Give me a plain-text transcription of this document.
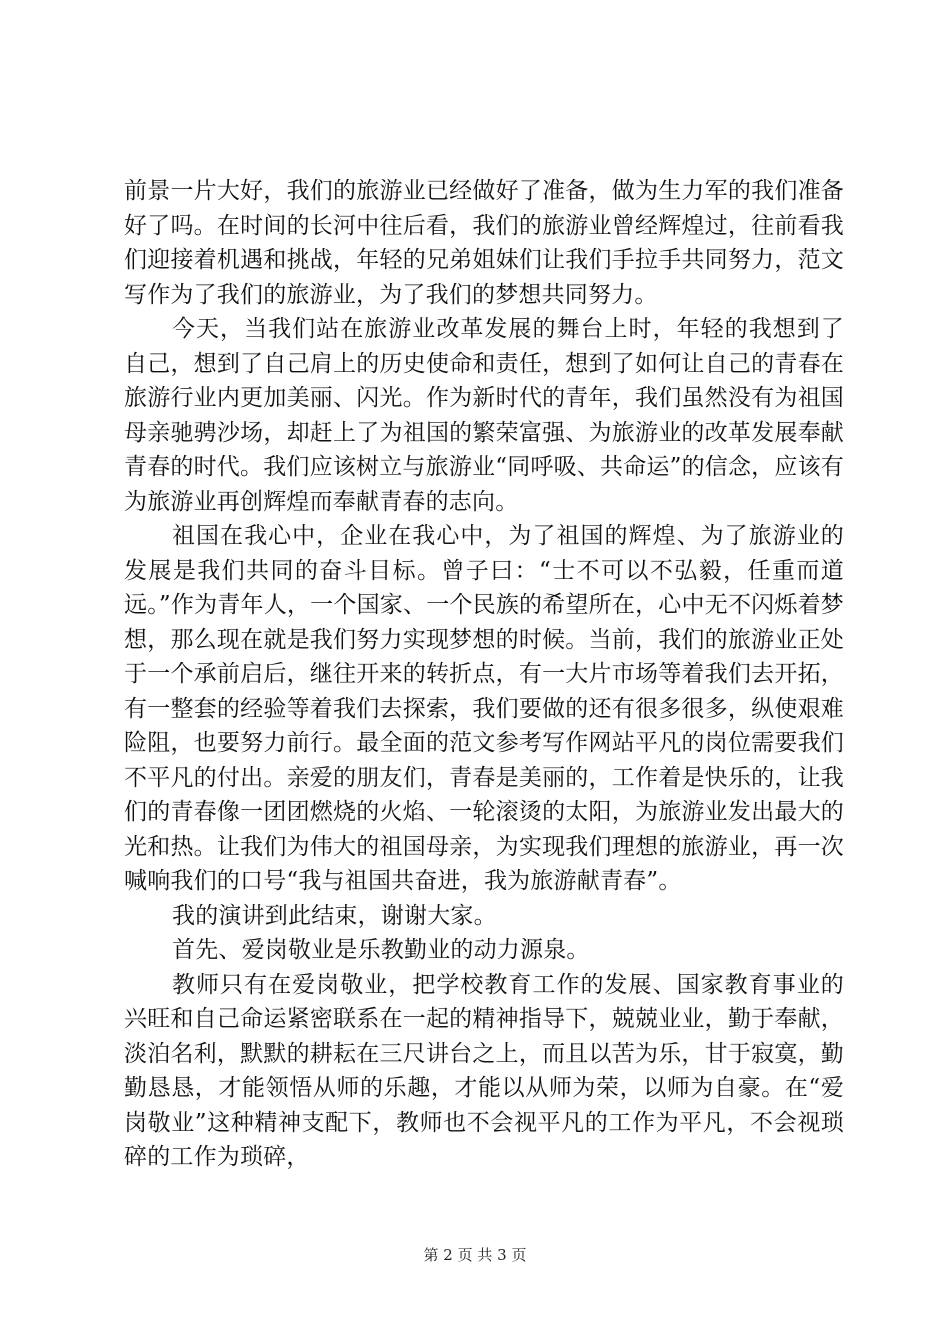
前景一片大好，我们的旅游业已经做好了准备，做为生力军的我们准备好了吗。在时间的长河中往后看，我们的旅游业曾经辉煌过，往前看我们迎接着机遇和挑战，年轻的兄弟姐妹们让我们手拉手共同努力，范文写作为了我们的旅游业，为了我们的梦想共同努力。

今天，当我们站在旅游业改革发展的舞台上时，年轻的我想到了自己，想到了自己肩上的历史使命和责任，想到了如何让自己的青春在旅游行业内更加美丽、闪光。作为新时代的青年，我们虽然没有为祖国母亲驰骋沙场，却赶上了为祖国的繁荣富强、为旅游业的改革发展奉献青春的时代。我们应该树立与旅游业“同呼吸、共命运”的信念，应该有为旅游业再创辉煌而奉献青春的志向。

祖国在我心中，企业在我心中，为了祖国的辉煌、为了旅游业的发展是我们共同的奋斗目标。曾子曰：“士不可以不弘毅，任重而道远。”作为青年人，一个国家、一个民族的希望所在，心中无不闪烁着梦想，那么现在就是我们努力实现梦想的时候。当前，我们的旅游业正处于一个承前启后，继往开来的转折点，有一大片市场等着我们去开拓，有一整套的经验等着我们去探索，我们要做的还有很多很多，纵使艰难险阻，也要努力前行。最全面的范文参考写作网站平凡的岗位需要我们不平凡的付出。亲爱的朋友们，青春是美丽的，工作着是快乐的，让我们的青春像一团团燃烧的火焰、一轮滚烫的太阳，为旅游业发出最大的光和热。让我们为伟大的祖国母亲，为实现我们理想的旅游业，再一次喊响我们的口号“我与祖国共奋进，我为旅游献青春”。

我的演讲到此结束，谢谢大家。

首先、爱岗敬业是乐教勤业的动力源泉。

教师只有在爱岗敬业，把学校教育工作的发展、国家教育事业的兴旺和自己命运紧密联系在一起的精神指导下，兢兢业业，勤于奉献，淡泊名利，默默的耕耘在三尺讲台之上，而且以苦为乐，甘于寂寞，勤勤恳恳，才能领悟从师的乐趣，才能以从师为荣，以师为自豪。在“爱岗敬业”这种精神支配下，教师也不会视平凡的工作为平凡，不会视琐碎的工作为琐碎，

第 2 页 共 3 页
